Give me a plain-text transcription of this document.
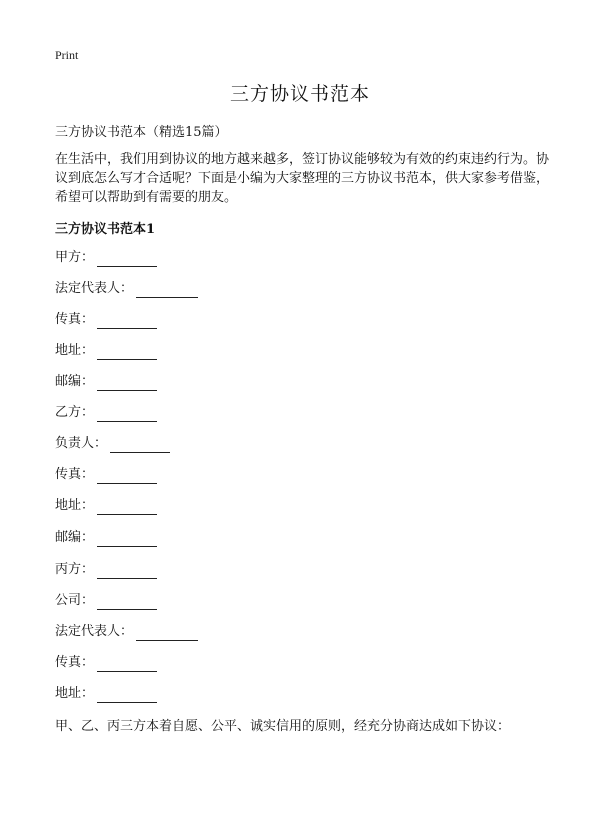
Print
三方协议书范本
三方协议书范本（精选15篇）

在生活中，我们用到协议的地方越来越多，签订协议能够较为有效的约束违约行为。协议到底怎么写才合适呢？下面是小编为大家整理的三方协议书范本，供大家参考借鉴，希望可以帮助到有需要的朋友。

三方协议书范本1
甲方：
法定代表人：
传真：
地址：
邮编：
乙方：
负责人：
传真：
地址：
邮编：
丙方：
公司：
法定代表人：
传真：
地址：
甲、乙、丙三方本着自愿、公平、诚实信用的原则，经充分协商达成如下协议：
